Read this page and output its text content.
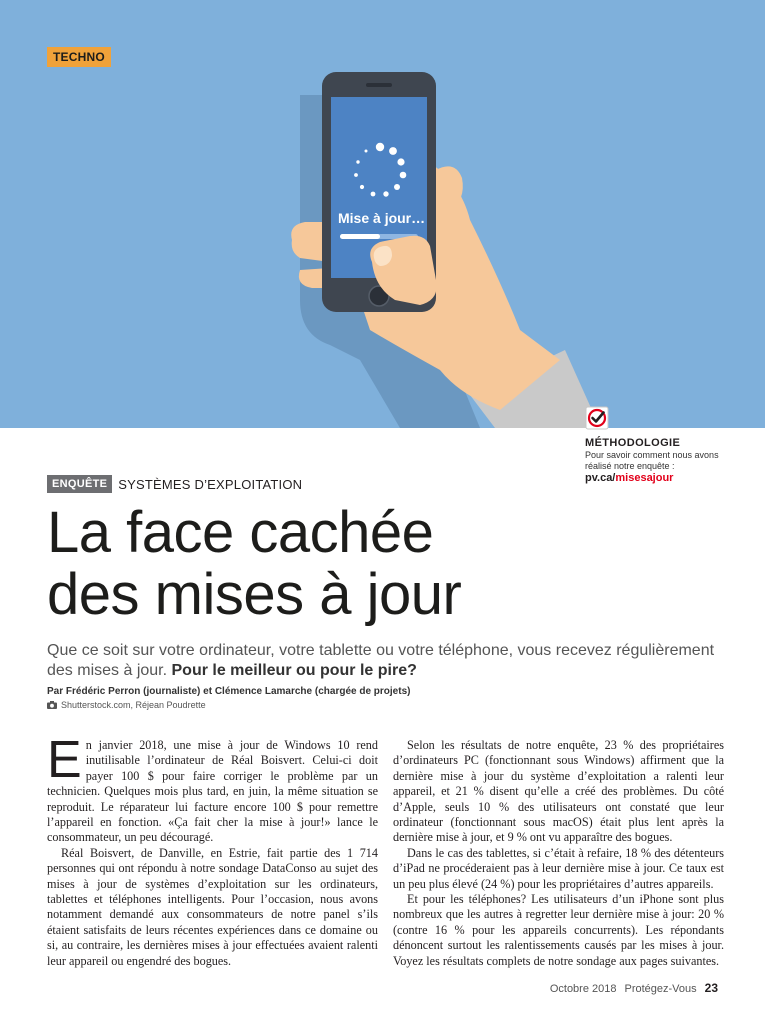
TECHNO
Mise à jour…
MÉTHODOLOGIE
Pour savoir comment nous avons réalisé notre enquête :
pv.ca/misesajour
ENQUÊTE SYSTÈMES D’EXPLOITATION
La face cachée
des mises à jour

Que ce soit sur votre ordinateur, votre tablette ou votre téléphone, vous recevez régulièrement des mises à jour. Pour le meilleur ou pour le pire?

Par Frédéric Perron (journaliste) et Clémence Lamarche (chargée de projets)
Shutterstock.com, Réjean Poudrette

En janvier 2018, une mise à jour de Windows 10 rend inutilisable l’ordinateur de Réal Boisvert. Celui-ci doit payer 100 $ pour faire corriger le problème par un technicien. Quelques mois plus tard, en juin, la même situation se reproduit. Le réparateur lui facture encore 100 $ pour remettre l’appareil en fonction. «Ça fait cher la mise à jour!» lance le consommateur, un peu découragé.

Réal Boisvert, de Danville, en Estrie, fait partie des 1 714 personnes qui ont répondu à notre sondage DataConso au sujet des mises à jour de systèmes d’exploitation sur les ordinateurs, tablettes et téléphones intelligents. Pour l’occasion, nous avons notamment demandé aux consommateurs de notre panel s’ils étaient satisfaits de leurs récentes expériences dans ce domaine ou si, au contraire, les dernières mises à jour effectuées avaient ralenti leur appareil ou engendré des bogues.

Selon les résultats de notre enquête, 23 % des propriétaires d’ordinateurs PC (fonctionnant sous Windows) affirment que la dernière mise à jour du système d’exploitation a ralenti leur appareil, et 21 % disent qu’elle a créé des problèmes. Du côté d’Apple, seuls 10 % des utilisateurs ont constaté que leur ordinateur (fonctionnant sous macOS) était plus lent après la dernière mise à jour, et 9 % ont vu apparaître des bogues.

Dans le cas des tablettes, si c’était à refaire, 18 % des détenteurs d’iPad ne procéderaient pas à leur dernière mise à jour. Ce taux est un peu plus élevé (24 %) pour les propriétaires d’autres appareils.

Et pour les téléphones? Les utilisateurs d’un iPhone sont plus nombreux que les autres à regretter leur dernière mise à jour: 20 % (contre 16 % pour les appareils concurrents). Les répondants dénoncent surtout les ralentissements causés par les mises à jour. Voyez les résultats complets de notre sondage aux pages suivantes.

Octobre 2018 Protégez-Vous 23
